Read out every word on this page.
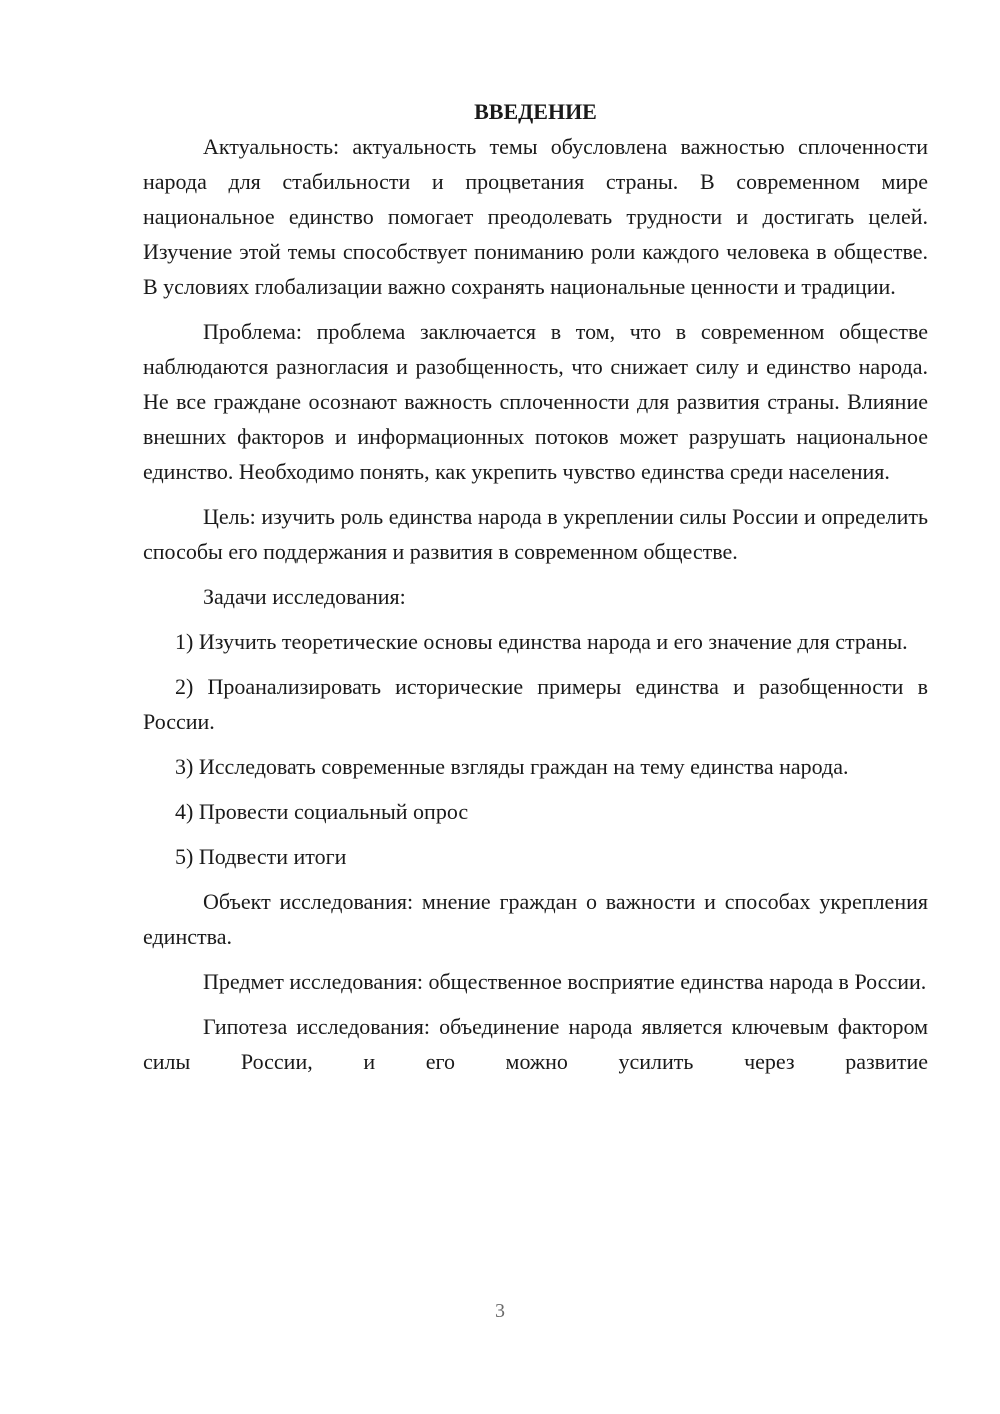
ВВЕДЕНИЕ

Актуальность: актуальность темы обусловлена важностью сплоченности народа для стабильности и процветания страны. В современном мире национальное единство помогает преодолевать трудности и достигать целей. Изучение этой темы способствует пониманию роли каждого человека в обществе. В условиях глобализации важно сохранять национальные ценности и традиции.

Проблема: проблема заключается в том, что в современном обществе наблюдаются разногласия и разобщенность, что снижает силу и единство народа. Не все граждане осознают важность сплоченности для развития страны. Влияние внешних факторов и информационных потоков может разрушать национальное единство. Необходимо понять, как укрепить чувство единства среди населения.

Цель: изучить роль единства народа в укреплении силы России и определить способы его поддержания и развития в современном обществе.

Задачи исследования:

1) Изучить теоретические основы единства народа и его значение для страны.

2) Проанализировать исторические примеры единства и разобщенности в России.

3) Исследовать современные взгляды граждан на тему единства народа.

4) Провести социальный опрос

5) Подвести итоги

Объект исследования: мнение граждан о важности и способах укрепления единства.

Предмет исследования: общественное восприятие единства народа в России.

Гипотеза исследования: объединение народа является ключевым фактором силы России, и его можно усилить через развитие

3
